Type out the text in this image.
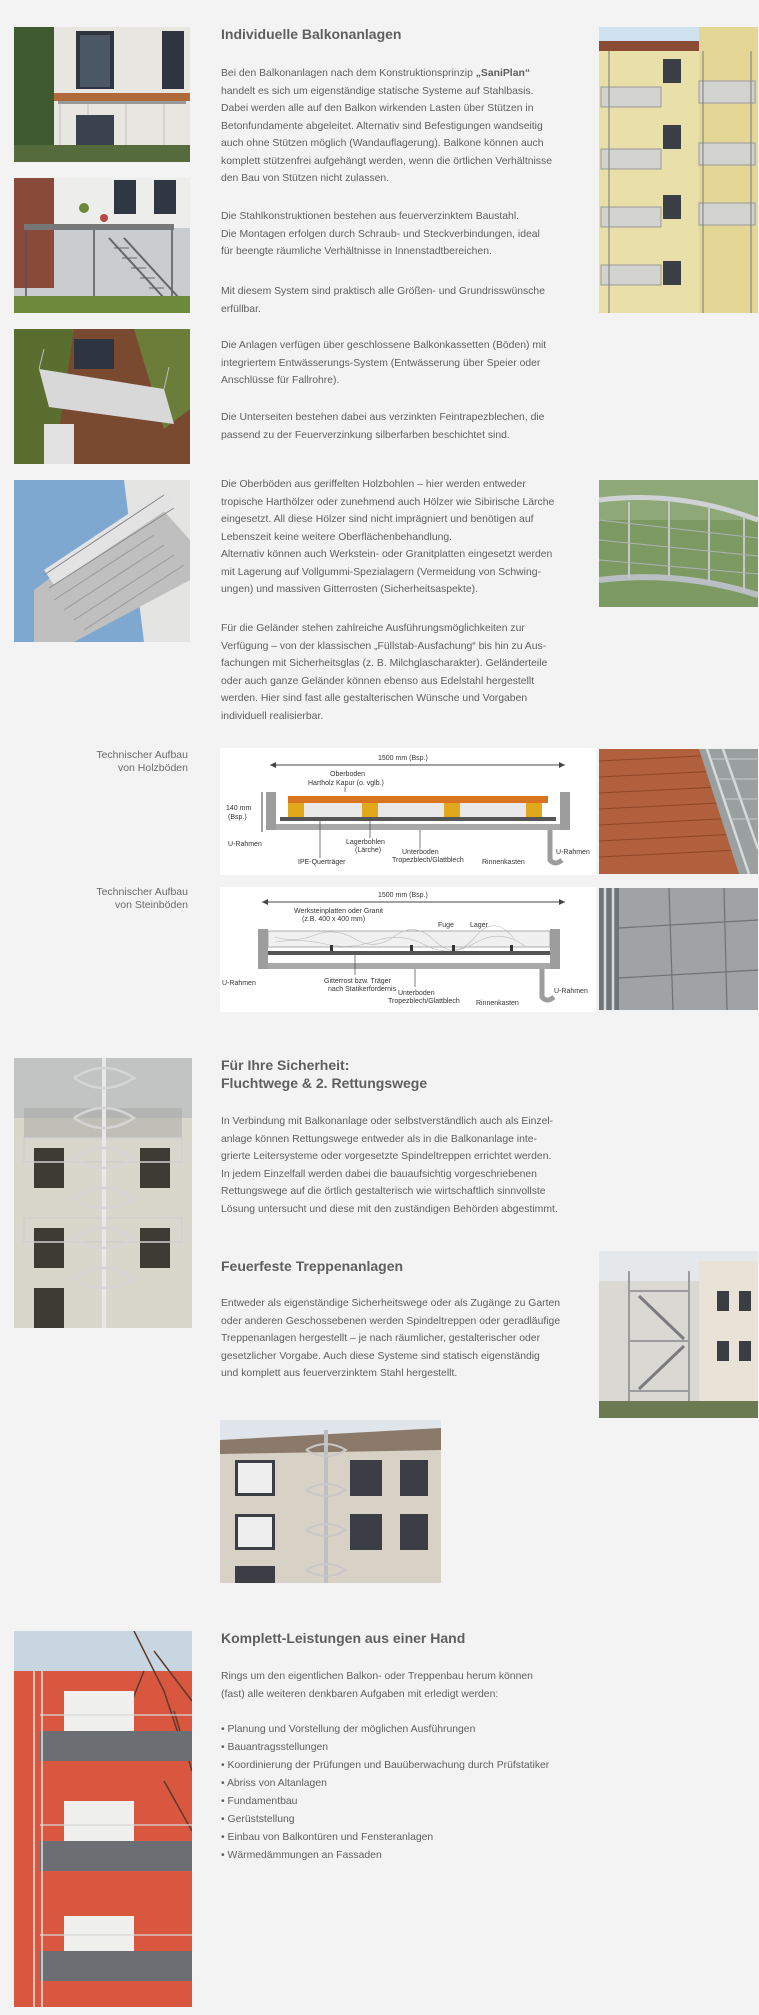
Individuelle Balkonanlagen

Bei den Balkonanlagen nach dem Konstruktionsprinzip „SaniPlan“
handelt es sich um eigenständige statische Systeme auf Stahlbasis.
Dabei werden alle auf den Balkon wirkenden Lasten über Stützen in
Betonfundamente abgeleitet. Alternativ sind Befestigungen wandseitig
auch ohne Stützen möglich (Wandauflagerung). Balkone können auch
komplett stützenfrei aufgehängt werden, wenn die örtlichen Verhältnisse
den Bau von Stützen nicht zulassen.

Die Stahlkonstruktionen bestehen aus feuerverzinktem Baustahl.
Die Montagen erfolgen durch Schraub- und Steckverbindungen, ideal
für beengte räumliche Verhältnisse in Innenstadtbereichen.

Mit diesem System sind praktisch alle Größen- und Grundrisswünsche
erfüllbar.

Die Anlagen verfügen über geschlossene Balkonkassetten (Böden) mit
integriertem Entwässerungs-System (Entwässerung über Speier oder
Anschlüsse für Fallrohre).

Die Unterseiten bestehen dabei aus verzinkten Feintrapezblechen, die
passend zu der Feuerverzinkung silberfarben beschichtet sind.

Die Oberböden aus geriffelten Holzbohlen – hier werden entweder
tropische Harthölzer oder zunehmend auch Hölzer wie Sibirische Lärche
eingesetzt. All diese Hölzer sind nicht imprägniert und benötigen auf
Lebenszeit keine weitere Oberflächenbehandlung.
Alternativ können auch Werkstein- oder Granitplatten eingesetzt werden
mit Lagerung auf Vollgummi-Spezialagern (Vermeidung von Schwing-
ungen) und massiven Gitterrosten (Sicherheitsaspekte).

Für die Geländer stehen zahlreiche Ausführungsmöglichkeiten zur
Verfügung – von der klassischen „Füllstab-Ausfachung“ bis hin zu Aus-
fachungen mit Sicherheitsglas (z. B. Milchglascharakter). Geländerteile
oder auch ganze Geländer können ebenso aus Edelstahl hergestellt
werden. Hier sind fast alle gestalterischen Wünsche und Vorgaben
individuell realisierbar.

Technischer Aufbau
von Holzböden
1500 mm (Bsp.)
Oberboden
Hartholz Kapur (o. vglb.)
140 mm
(Bsp.)
U-Rahmen	Lagerbohlen
(Lärche)	Unterboden
Tropezblech/Glattblech
IPE-Querträger	Rinnenkasten
U-Rahmen
Technischer Aufbau
von Steinböden
1500 mm (Bsp.)
Werksteinplatten oder Granit
(z.B. 400 x 400 mm)
Fuge Lager
U-Rahmen	Gitterrost bzw. Träger
nach Statikerfordernis
Unterboden
Tropezblech/Glattblech Rinnenkasten
U-Rahmen
Für Ihre Sicherheit:
Fluchtwege & 2. Rettungswege

In Verbindung mit Balkonanlage oder selbstverständlich auch als Einzel-
anlage können Rettungswege entweder als in die Balkonanlage inte-
grierte Leitersysteme oder vorgesetzte Spindeltreppen errichtet werden.
In jedem Einzelfall werden dabei die bauaufsichtig vorgeschriebenen
Rettungswege auf die örtlich gestalterisch wie wirtschaftlich sinnvollste
Lösung untersucht und diese mit den zuständigen Behörden abgestimmt.

Feuerfeste Treppenanlagen

Entweder als eigenständige Sicherheitswege oder als Zugänge zu Garten
oder anderen Geschossebenen werden Spindeltreppen oder geradläufige
Treppenanlagen hergestellt – je nach räumlicher, gestalterischer oder
gesetzlicher Vorgabe. Auch diese Systeme sind statisch eigenständig
und komplett aus feuerverzinktem Stahl hergestellt.

Komplett-Leistungen aus einer Hand

Rings um den eigentlichen Balkon- oder Treppenbau herum können
(fast) alle weiteren denkbaren Aufgaben mit erledigt werden:

• Planung und Vorstellung der möglichen Ausführungen
• Bauantragsstellungen
• Koordinierung der Prüfungen und Bauüberwachung durch Prüfstatiker
• Abriss von Altanlagen
• Fundamentbau
• Gerüststellung
• Einbau von Balkontüren und Fensteranlagen
• Wärmedämmungen an Fassaden
